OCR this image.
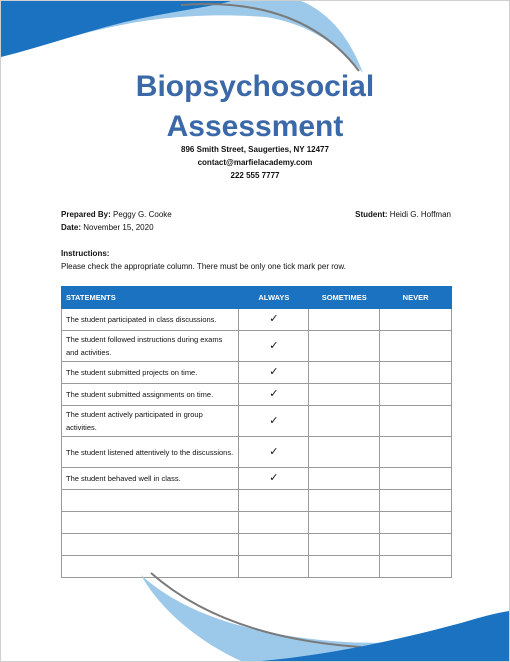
Biopsychosocial
Assessment
896 Smith Street, Saugerties, NY 12477
contact@marfielacademy.com
222 555 7777
Prepared By: Peggy G. Cooke	Student: Heidi G. Hoffman
Date: November 15, 2020
Instructions:
Please check the appropriate column. There must be only one tick mark per row.
STATEMENTS	ALWAYS	SOMETIMES	NEVER
The student participated in class discussions.	✓		
The student followed instructions during exams and activities.	✓		
The student submitted projects on time.	✓		
The student submitted assignments on time.	✓		
The student actively participated in group activities.	✓		
The student listened attentively to the discussions.	✓		
The student behaved well in class.	✓		
